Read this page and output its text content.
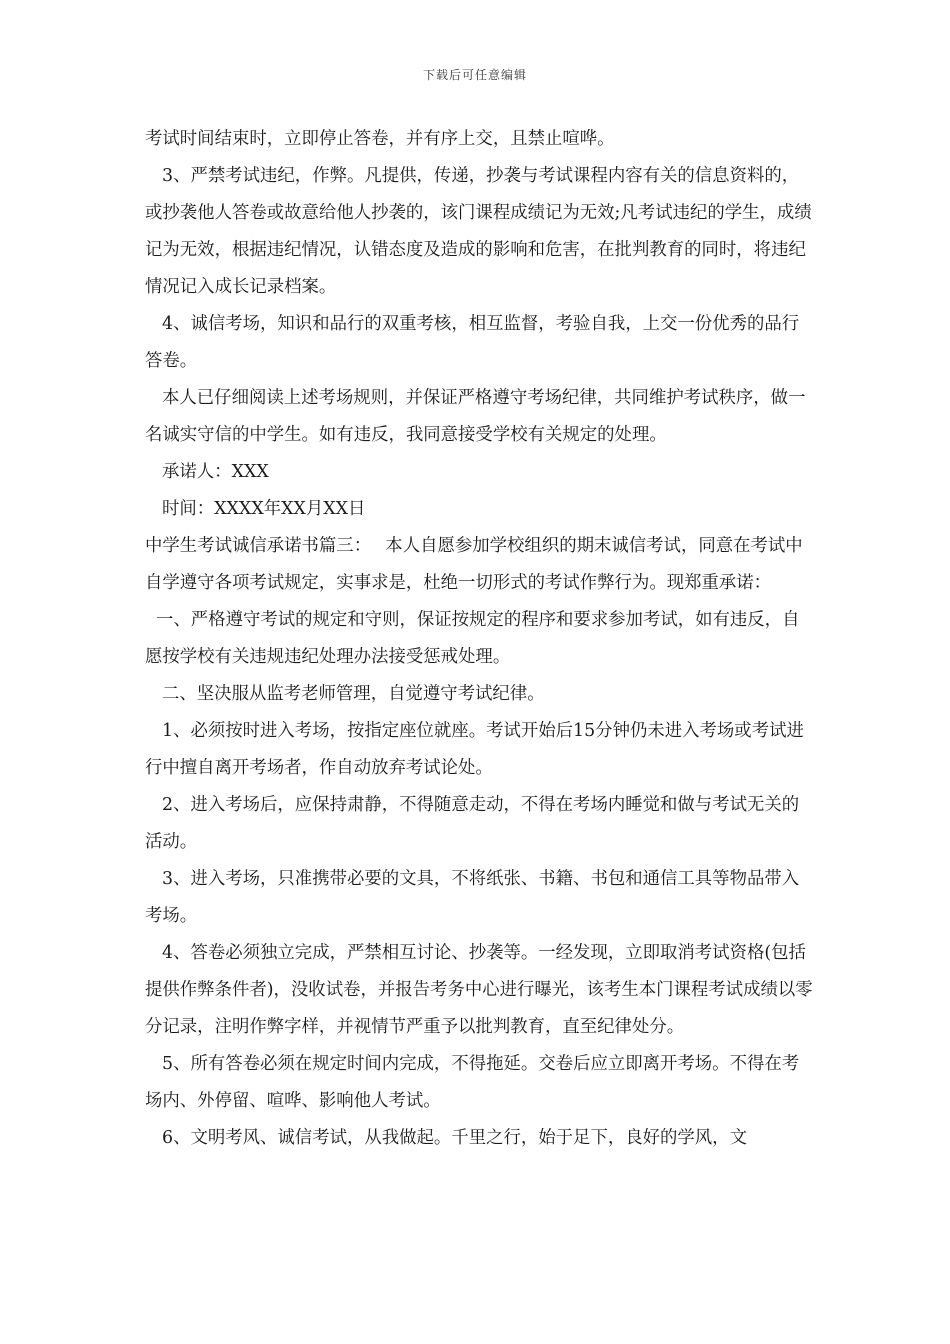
下载后可任意编辑

考试时间结束时，立即停止答卷，并有序上交，且禁止喧哗。

3、严禁考试违纪，作弊。凡提供，传递，抄袭与考试课程内容有关的信息资料的，或抄袭他人答卷或故意给他人抄袭的，该门课程成绩记为无效;凡考试违纪的学生，成绩记为无效，根据违纪情况，认错态度及造成的影响和危害，在批判教育的同时，将违纪情况记入成长记录档案。

4、诚信考场，知识和品行的双重考核，相互监督，考验自我，上交一份优秀的品行答卷。

本人已仔细阅读上述考场规则，并保证严格遵守考场纪律，共同维护考试秩序，做一名诚实守信的中学生。如有违反，我同意接受学校有关规定的处理。

承诺人：XXX

时间：XXXX年XX月XX日

中学生考试诚信承诺书篇三：　 本人自愿参加学校组织的期末诚信考试，同意在考试中自学遵守各项考试规定，实事求是，杜绝一切形式的考试作弊行为。现郑重承诺：

一、严格遵守考试的规定和守则，保证按规定的程序和要求参加考试，如有违反，自愿按学校有关违规违纪处理办法接受惩戒处理。

二、坚决服从监考老师管理，自觉遵守考试纪律。

1、必须按时进入考场，按指定座位就座。考试开始后15分钟仍未进入考场或考试进行中擅自离开考场者，作自动放弃考试论处。

2、进入考场后，应保持肃静，不得随意走动，不得在考场内睡觉和做与考试无关的活动。

3、进入考场，只准携带必要的文具，不将纸张、书籍、书包和通信工具等物品带入考场。

4、答卷必须独立完成，严禁相互讨论、抄袭等。一经发现，立即取消考试资格(包括提供作弊条件者)，没收试卷，并报告考务中心进行曝光，该考生本门课程考试成绩以零分记录，注明作弊字样，并视情节严重予以批判教育，直至纪律处分。

5、所有答卷必须在规定时间内完成，不得拖延。交卷后应立即离开考场。不得在考场内、外停留、喧哗、影响他人考试。

6、文明考风、诚信考试，从我做起。千里之行，始于足下，良好的学风，文
